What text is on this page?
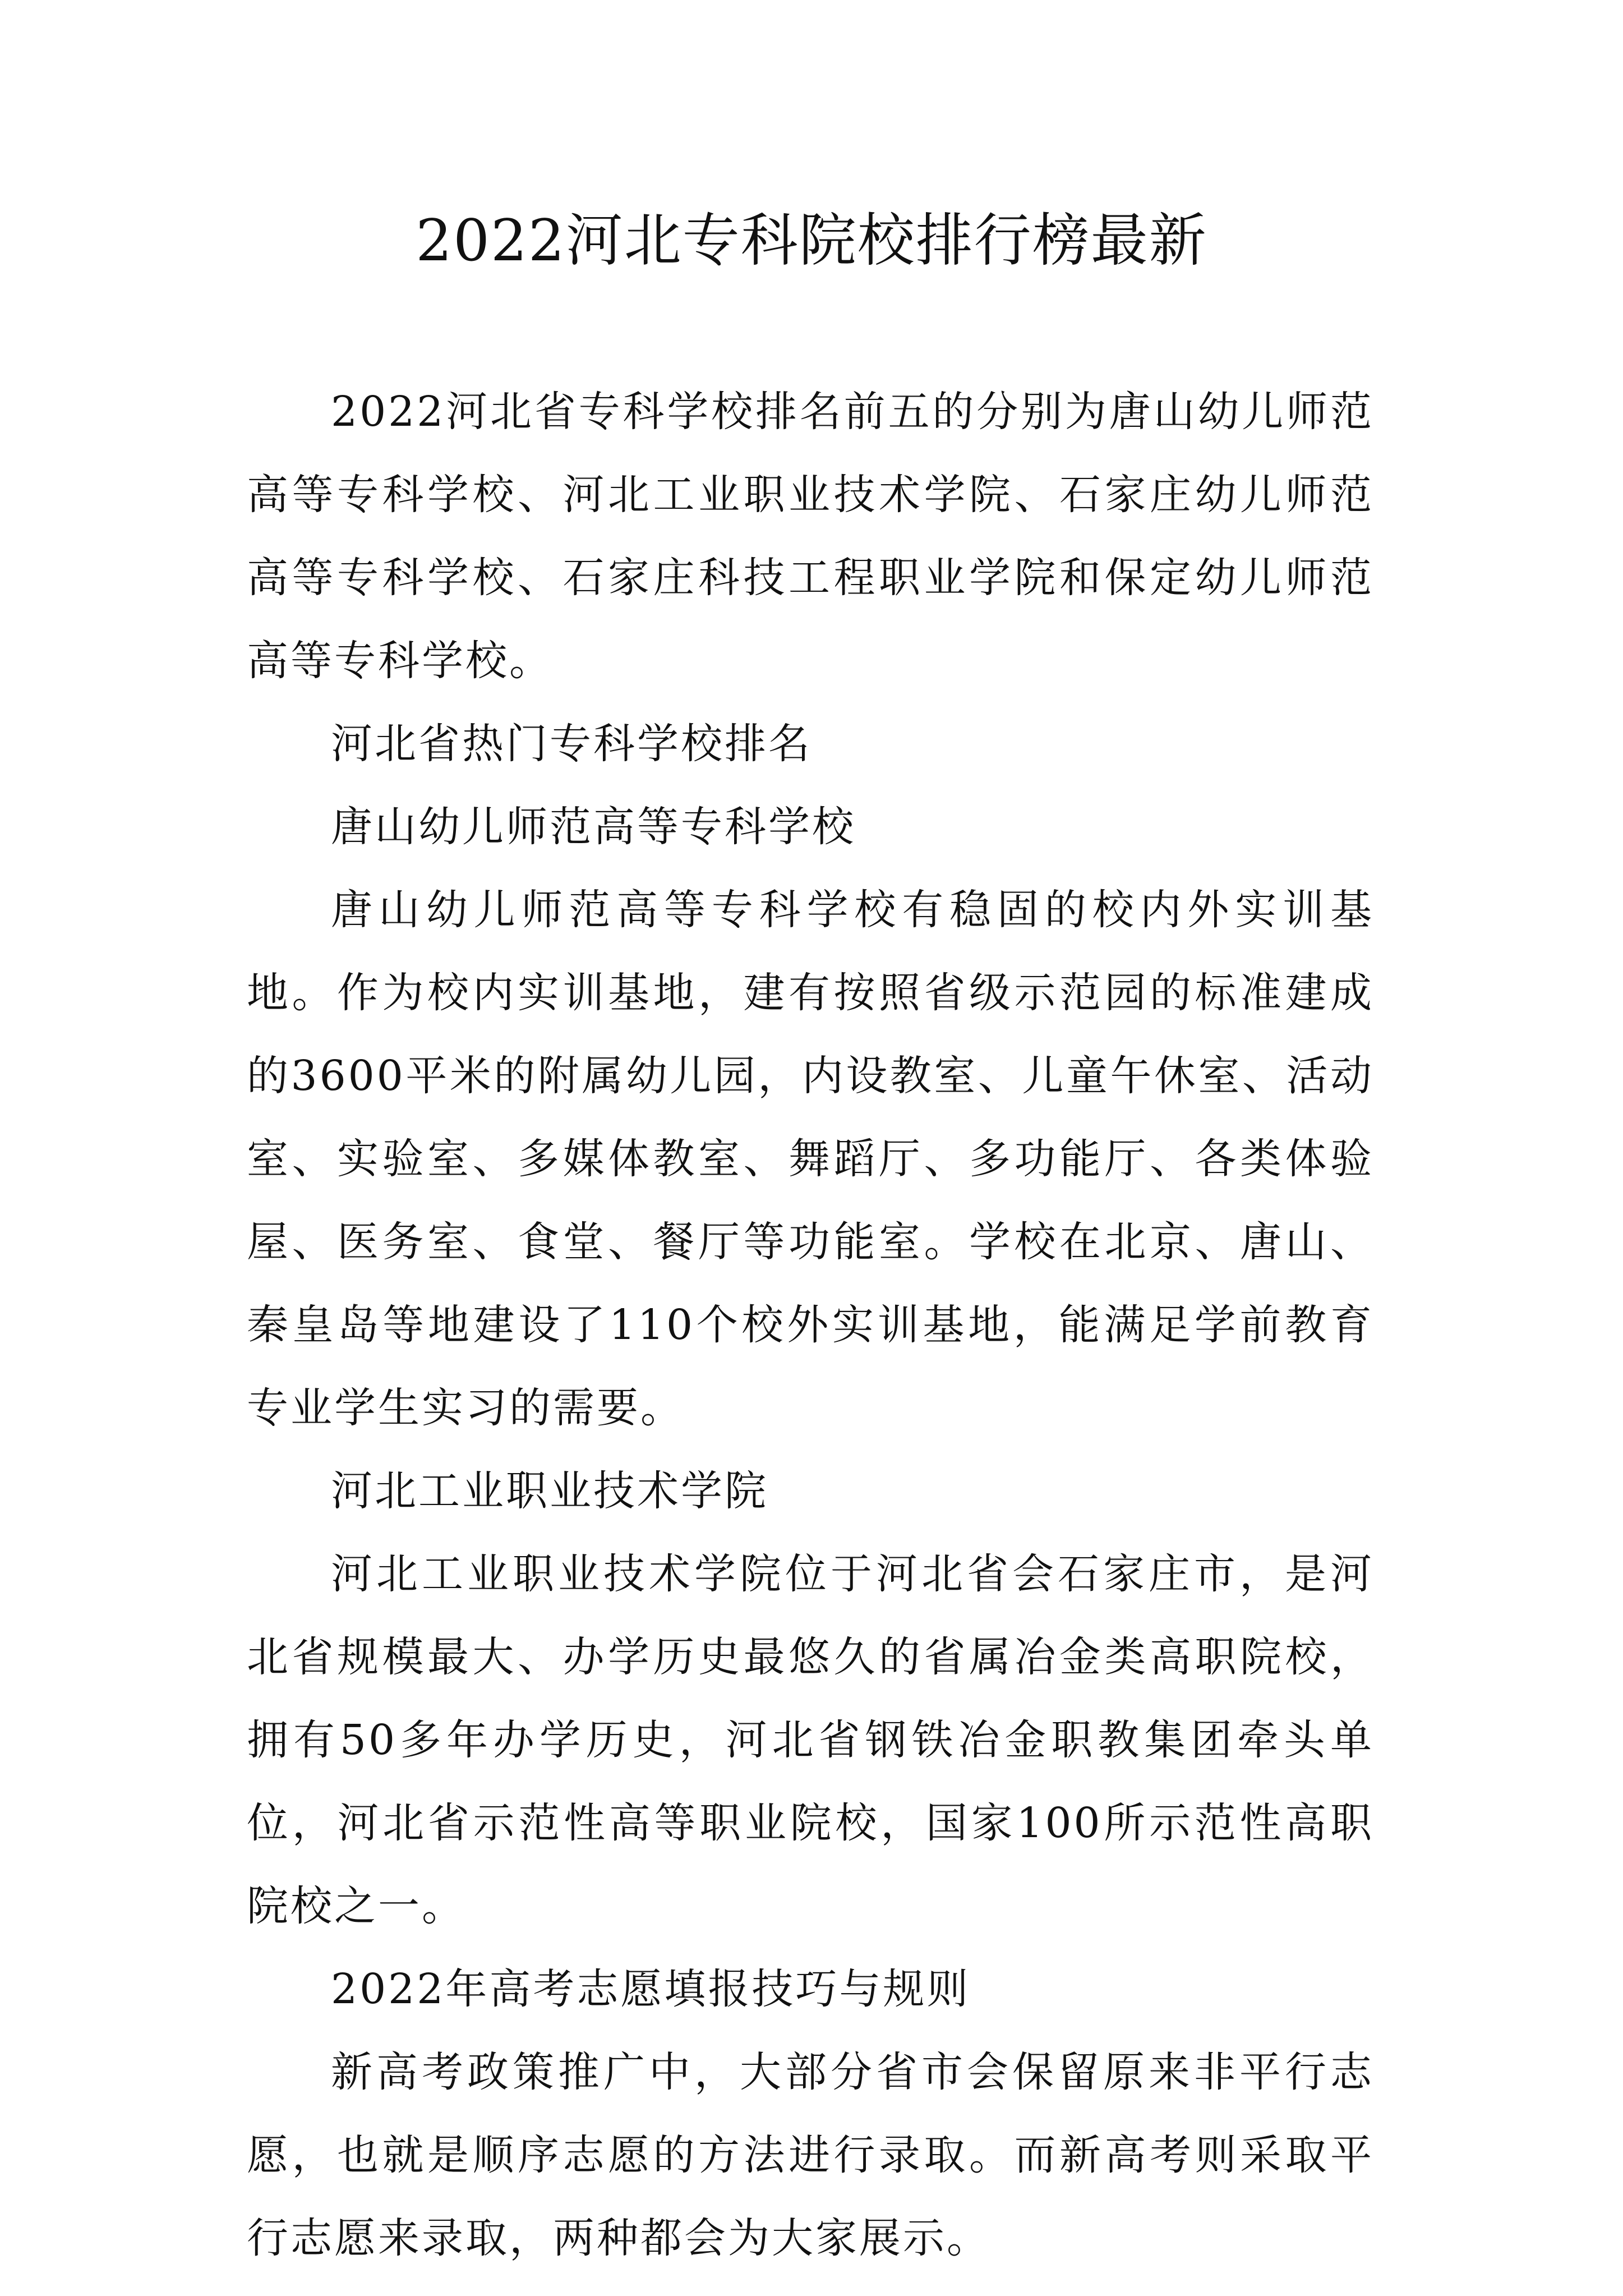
2022河北专科院校排行榜最新

2022河北省专科学校排名前五的分别为唐山幼儿师范高等专科学校、河北工业职业技术学院、石家庄幼儿师范高等专科学校、石家庄科技工程职业学院和保定幼儿师范高等专科学校。

河北省热门专科学校排名

唐山幼儿师范高等专科学校

唐山幼儿师范高等专科学校有稳固的校内外实训基地。作为校内实训基地，建有按照省级示范园的标准建成的3600平米的附属幼儿园，内设教室、儿童午休室、活动室、实验室、多媒体教室、舞蹈厅、多功能厅、各类体验屋、医务室、食堂、餐厅等功能室。学校在北京、唐山、秦皇岛等地建设了110个校外实训基地，能满足学前教育专业学生实习的需要。

河北工业职业技术学院

河北工业职业技术学院位于河北省会石家庄市，是河北省规模最大、办学历史最悠久的省属冶金类高职院校，拥有50多年办学历史，河北省钢铁冶金职教集团牵头单位，河北省示范性高等职业院校，国家100所示范性高职院校之一。

2022年高考志愿填报技巧与规则

新高考政策推广中，大部分省市会保留原来非平行志愿，也就是顺序志愿的方法进行录取。而新高考则采取平行志愿来录取，两种都会为大家展示。
